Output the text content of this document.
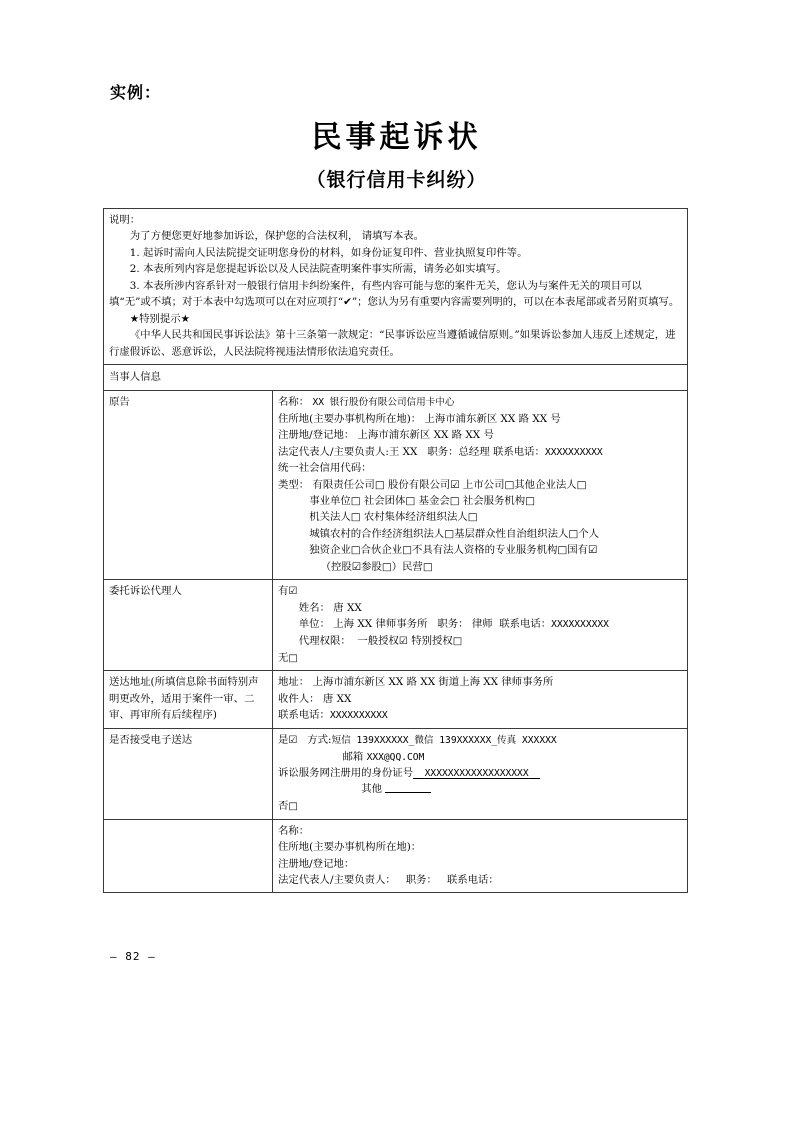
实例：
民事起诉状
（银行信用卡纠纷）

说明：

为了方便您更好地参加诉讼，保护您的合法权利， 请填写本表。

1. 起诉时需向人民法院提交证明您身份的材料，如身份证复印件、营业执照复印件等。

2. 本表所列内容是您提起诉讼以及人民法院查明案件事实所需，请务必如实填写。

3. 本表所涉内容系针对一般银行信用卡纠纷案件，有些内容可能与您的案件无关，您认为与案件无关的项目可以填“无”或不填；对于本表中勾选项可以在对应项打“✔”；您认为另有重要内容需要列明的，可以在本表尾部或者另附页填写。

★特别提示★

《中华人民共和国民事诉讼法》第十三条第一款规定：“民事诉讼应当遵循诚信原则。”如果诉讼参加人违反上述规定，进行虚假诉讼、恶意诉讼，人民法院将视违法情形依法追究责任。

当事人信息	
原告	名称： XX 银行股份有限公司信用卡中心

住所地(主要办事机构所在地)： 上海市浦东新区 XX 路 XX 号

注册地/登记地： 上海市浦东新区 XX 路 XX 号

法定代表人/主要负责人:王 XX 职务：总经理 联系电话：XXXXXXXXXX

统一社会信用代码：

类型： 有限责任公司□ 股份有限公司☑ 上市公司□其他企业法人□

事业单位□ 社会团体□ 基金会□ 社会服务机构□

机关法人□ 农村集体经济组织法人□

城镇农村的合作经济组织法人□基层群众性自治组织法人□个人

独资企业□合伙企业□不具有法人资格的专业服务机构□国有☑

（控股☑参股□）民营□

委托诉讼代理人	有☑

姓名： 唐 XX

单位： 上海 XX 律师事务所 职务： 律师 联系电话：XXXXXXXXXX

代理权限： 一般授权☑ 特别授权□

无□

送达地址(所填信息除书面特别声明更改外，适用于案件一审、二审、再审所有后续程序)	地址： 上海市浦东新区 XX 路 XX 街道上海 XX 律师事务所

收件人： 唐 XX

联系电话：XXXXXXXXXX

是否接受电子送达	是☑ 方式:短信 139XXXXXX_微信 139XXXXXX_传真 XXXXXX

邮箱 XXX@QQ.COM

诉讼服务网注册用的身份证号 XXXXXXXXXXXXXXXXXX

其他

否□

	名称：

住所地(主要办事机构所在地)：

注册地/登记地：

法定代表人/主要负责人： 职务： 联系电话：

— 82 —
